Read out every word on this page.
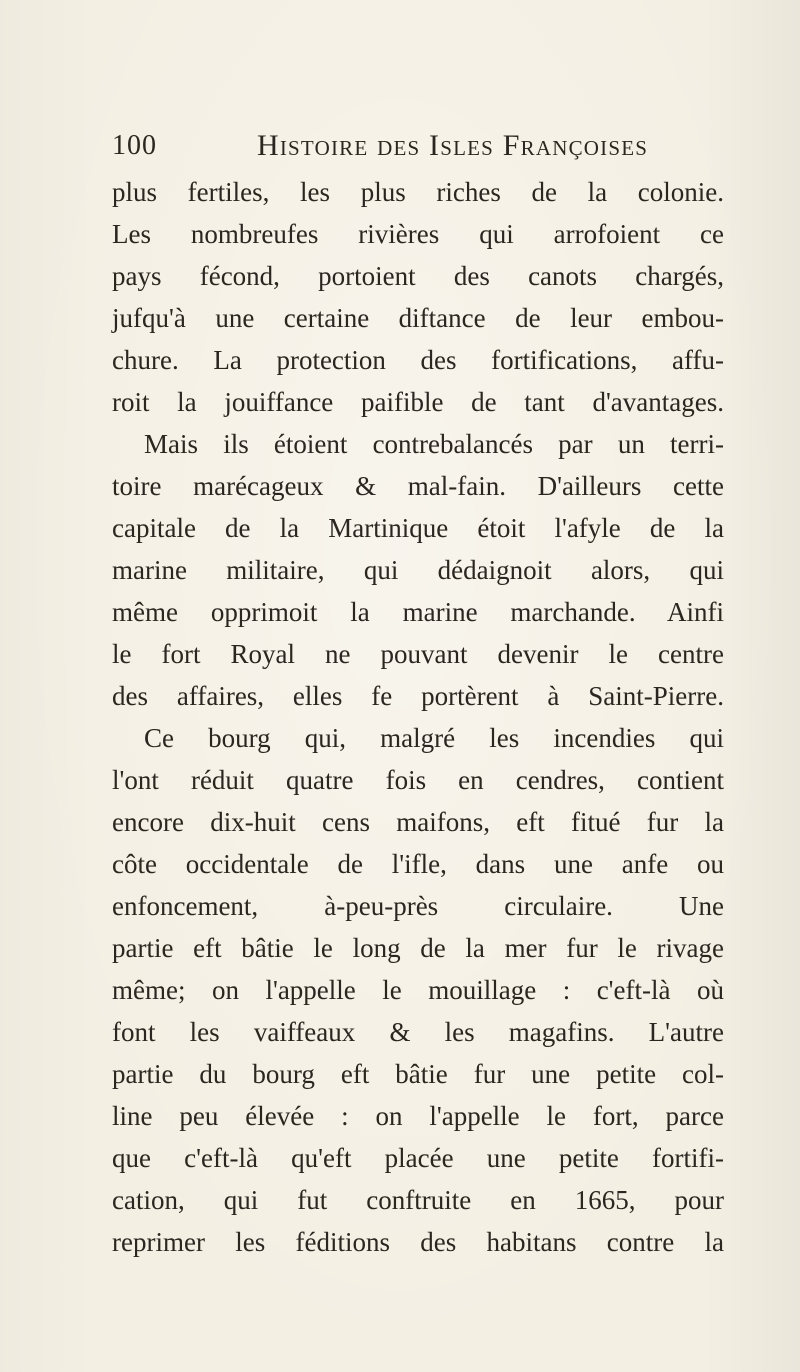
100	Histoire des Isles Françoises
plus fertiles, les plus riches de la colonie.
Les nombreufes rivières qui arrofoient ce
pays fécond, portoient des canots chargés,
jufqu'à une certaine diftance de leur embou-
chure. La protection des fortifications, affu-
roit la jouiffance paifible de tant d'avantages.
Mais ils étoient contrebalancés par un terri-
toire marécageux & mal-fain. D'ailleurs cette
capitale de la Martinique étoit l'afyle de la
marine militaire, qui dédaignoit alors, qui
même opprimoit la marine marchande. Ainfi
le fort Royal ne pouvant devenir le centre
des affaires, elles fe portèrent à Saint-Pierre.
Ce bourg qui, malgré les incendies qui
l'ont réduit quatre fois en cendres, contient
encore dix-huit cens maifons, eft fitué fur la
côte occidentale de l'ifle, dans une anfe ou
enfoncement, à-peu-près circulaire. Une
partie eft bâtie le long de la mer fur le rivage
même; on l'appelle le mouillage : c'eft-là où
font les vaiffeaux & les magafins. L'autre
partie du bourg eft bâtie fur une petite col-
line peu élevée : on l'appelle le fort, parce
que c'eft-là qu'eft placée une petite fortifi-
cation, qui fut conftruite en 1665, pour
reprimer les féditions des habitans contre la
